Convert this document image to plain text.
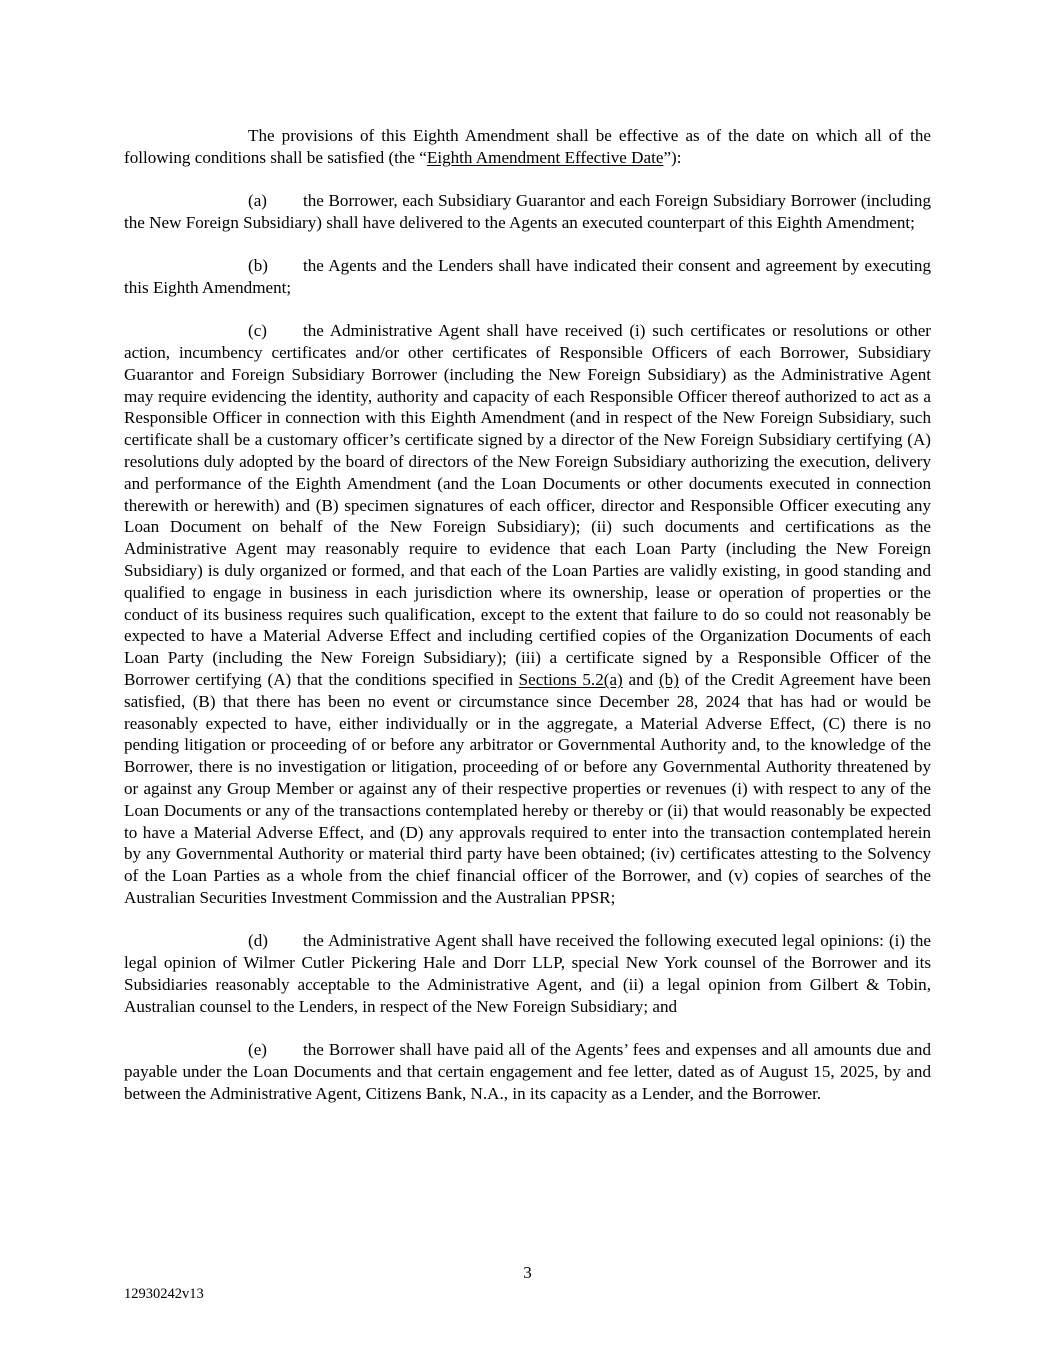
The provisions of this Eighth Amendment shall be effective as of the date on which all of the following conditions shall be satisfied (the “Eighth Amendment Effective Date”):

(a) the Borrower, each Subsidiary Guarantor and each Foreign Subsidiary Borrower (including the New Foreign Subsidiary) shall have delivered to the Agents an executed counterpart of this Eighth Amendment;

(b) the Agents and the Lenders shall have indicated their consent and agreement by executing this Eighth Amendment;

(c) the Administrative Agent shall have received (i) such certificates or resolutions or other action, incumbency certificates and/or other certificates of Responsible Officers of each Borrower, Subsidiary Guarantor and Foreign Subsidiary Borrower (including the New Foreign Subsidiary) as the Administrative Agent may require evidencing the identity, authority and capacity of each Responsible Officer thereof authorized to act as a Responsible Officer in connection with this Eighth Amendment (and in respect of the New Foreign Subsidiary, such certificate shall be a customary officer’s certificate signed by a director of the New Foreign Subsidiary certifying (A) resolutions duly adopted by the board of directors of the New Foreign Subsidiary authorizing the execution, delivery and performance of the Eighth Amendment (and the Loan Documents or other documents executed in connection therewith or herewith) and (B) specimen signatures of each officer, director and Responsible Officer executing any Loan Document on behalf of the New Foreign Subsidiary); (ii) such documents and certifications as the Administrative Agent may reasonably require to evidence that each Loan Party (including the New Foreign Subsidiary) is duly organized or formed, and that each of the Loan Parties are validly existing, in good standing and qualified to engage in business in each jurisdiction where its ownership, lease or operation of properties or the conduct of its business requires such qualification, except to the extent that failure to do so could not reasonably be expected to have a Material Adverse Effect and including certified copies of the Organization Documents of each Loan Party (including the New Foreign Subsidiary); (iii) a certificate signed by a Responsible Officer of the Borrower certifying (A) that the conditions specified in Sections 5.2(a) and (b) of the Credit Agreement have been satisfied, (B) that there has been no event or circumstance since December 28, 2024 that has had or would be reasonably expected to have, either individually or in the aggregate, a Material Adverse Effect, (C) there is no pending litigation or proceeding of or before any arbitrator or Governmental Authority and, to the knowledge of the Borrower, there is no investigation or litigation, proceeding of or before any Governmental Authority threatened by or against any Group Member or against any of their respective properties or revenues (i) with respect to any of the Loan Documents or any of the transactions contemplated hereby or thereby or (ii) that would reasonably be expected to have a Material Adverse Effect, and (D) any approvals required to enter into the transaction contemplated herein by any Governmental Authority or material third party have been obtained; (iv) certificates attesting to the Solvency of the Loan Parties as a whole from the chief financial officer of the Borrower, and (v) copies of searches of the Australian Securities Investment Commission and the Australian PPSR;

(d) the Administrative Agent shall have received the following executed legal opinions: (i) the legal opinion of Wilmer Cutler Pickering Hale and Dorr LLP, special New York counsel of the Borrower and its Subsidiaries reasonably acceptable to the Administrative Agent, and (ii) a legal opinion from Gilbert & Tobin, Australian counsel to the Lenders, in respect of the New Foreign Subsidiary; and

(e) the Borrower shall have paid all of the Agents’ fees and expenses and all amounts due and payable under the Loan Documents and that certain engagement and fee letter, dated as of August 15, 2025, by and between the Administrative Agent, Citizens Bank, N.A., in its capacity as a Lender, and the Borrower.

3
12930242v13
